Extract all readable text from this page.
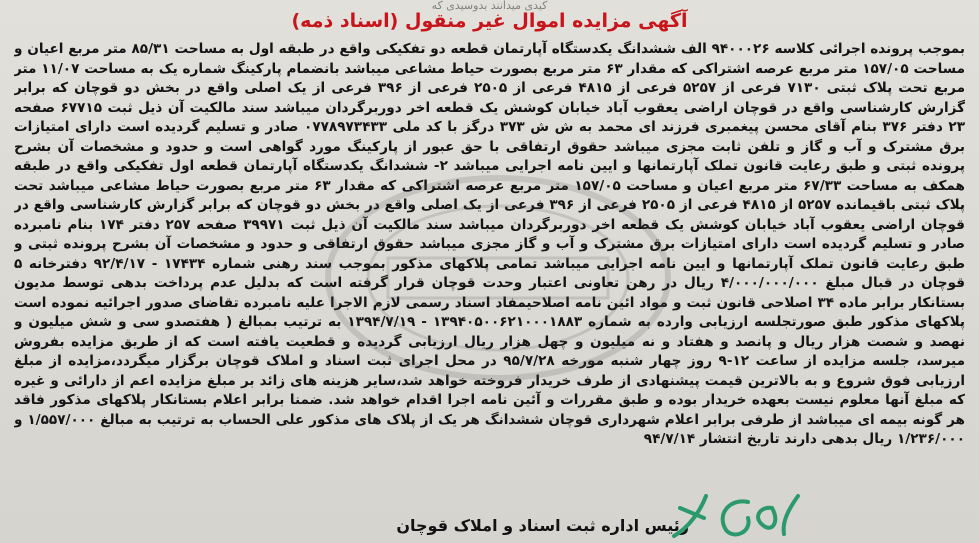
کیدی میدانند بدوسیدی که
آگهی مزایده اموال غیر منقول (اسناد ذمه)
بموجب پرونده اجرائی کلاسه ۹۴۰۰۰۲۶ الف ششدانگ یکدستگاه آپارتمان قطعه دو تفکیکی واقع در طبقه اول به مساحت ۸۵/۳۱ متر مربع اعیان و مساحت ۱۵۷/۰۵ متر مربع عرصه اشتراکی که مقدار ۶۳ متر مربع بصورت حیاط مشاعی میباشد بانضمام پارکینگ شماره یک به مساحت ۱۱/۰۷ متر مربع تحت پلاک ثبتی ۷۱۳۰ فرعی از ۵۲۵۷ فرعی از ۴۸۱۵ فرعی از ۲۵۰۵ فرعی از ۳۹۶ فرعی از یک اصلی واقع در بخش دو قوچان که برابر گزارش کارشناسی واقع در قوچان اراضی یعقوب آباد خیابان کوشش یک قطعه اخر دوربرگردان میباشد سند مالکیت آن ذیل ثبت ۶۷۷۱۵ صفحه ۲۳ دفتر ۳۷۶ بنام آقای محسن پیغمبری فرزند ای محمد به ش ش ۳۷۳ درگز با کد ملی ۰۷۷۸۹۷۳۴۳۳ صادر و تسلیم گردیده است دارای امتیازات برق مشترک و آب و گاز و تلفن ثابت مجزی میباشد حقوق ارتفاقی با حق عبور از پارکینگ مورد گواهی است و حدود و مشخصات آن بشرح پرونده ثبتی و طبق رعایت قانون تملک آپارتمانها و ایین نامه اجرایی میباشد ۲- ششدانگ یکدستگاه آپارتمان قطعه اول تفکیکی واقع در طبقه همکف به مساحت ۶۷/۳۳ متر مربع اعیان و مساحت ۱۵۷/۰۵ متر مربع عرصه اشتراکی که مقدار ۶۳ متر مربع بصورت حیاط مشاعی میباشد تحت پلاک ثبتی باقیمانده ۵۲۵۷ از ۴۸۱۵ فرعی از ۲۵۰۵ فرعی از ۳۹۶ فرعی از یک اصلی واقع در بخش دو قوچان که برابر گزارش کارشناسی واقع در قوچان اراضی یعقوب آباد خیابان کوشش یک قطعه اخر دوربرگردان میباشد سند مالکیت آن ذیل ثبت ۳۹۹۷۱ صفحه ۲۵۷ دفتر ۱۷۴ بنام نامبرده صادر و تسلیم گردیده است دارای امتیازات برق مشترک و آب و گاز مجزی میباشد حقوق ارتفاقی و حدود و مشخصات آن بشرح پرونده ثبتی و طبق رعایت قانون تملک آپارتمانها و ایین نامه اجرایی میباشد تمامی پلاکهای مذکور بموجب سند رهنی شماره ۱۷۴۳۴ - ۹۲/۴/۱۷ دفترخانه ۵ قوچان در قبال مبلغ ۴/۰۰۰/۰۰۰/۰۰۰ ریال در رهن تعاونی اعتبار وحدت قوچان قرار گرفته است که بدلیل عدم پرداخت بدهی توسط مدیون بستانکار برابر ماده ۳۴ اصلاحی قانون ثبت و مواد ائین نامه اصلاحیمفاد اسناد رسمی لازم الاجرا علیه نامبرده تقاضای صدور اجرائیه نموده است پلاکهای مذکور طبق صورتجلسه ارزیابی وارده به شماره ۱۳۹۴۰۵۰۰۶۲۱۰۰۰۱۸۸۳ - ۱۳۹۴/۷/۱۹ به ترتیب بمبالغ ( هفتصدو سی و شش میلیون و نهصد و شصت هزار ریال و پانصد و هفتاد و نه میلیون و چهل هزار ریال ارزیابی گردیده و قطعیت یافته است که از طریق مزایده بفروش میرسد، جلسه مزایده از ساعت ۱۲-۹ روز چهار شنبه مورخه ۹۵/۷/۲۸ در محل اجرای ثبت اسناد و املاک قوچان برگزار میگردد،مزایده از مبلغ ارزیابی فوق شروع و به بالاترین قیمت پیشنهادی از طرف خریدار فروخته خواهد شد،سایر هزینه های زائد بر مبلغ مزایده اعم از دارائی و غیره که مبلغ آنها معلوم نیست بعهده خریدار بوده و طبق مقررات و آئین نامه اجرا اقدام خواهد شد. ضمنا برابر اعلام بستانکار پلاکهای مذکور فاقد هر گونه بیمه ای میباشد از طرفی برابر اعلام شهرداری قوچان ششدانگ هر یک از پلاک های مذکور علی الحساب به ترتیب به مبالغ ۱/۵۵۷/۰۰۰ و ۱/۲۳۶/۰۰۰ ریال بدهی دارند تاریخ انتشار ۹۴/۷/۱۴
رئیس اداره ثبت اسناد و املاک قوچان
